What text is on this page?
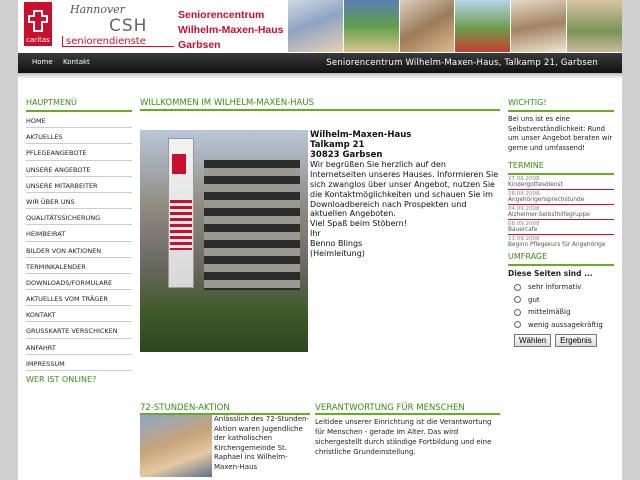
caritas
Hannover
CSH
seniorendienste
Seniorencentrum
Wilhelm-Maxen-Haus
Garbsen
Home Kontakt	Seniorencentrum Wilhelm-Maxen-Haus, Talkamp 21, Garbsen
HAUPTMENÜ
HOME
AKTUELLES
PFLEGEANGEBOTE
UNSERE ANGEBOTE
UNSERE MITARBEITER
WIR ÜBER UNS
QUALITÄTSSICHERUNG
HEIMBEIRAT
BILDER VON AKTIONEN
TERMINKALENDER
DOWNLOADS/FORMULARE
AKTUELLES VOM TRÄGER
KONTAKT
GRUSSKARTE VERSCHICKEN
ANFAHRT
IMPRESSUM
WER IST ONLINE?
WILLKOMMEN IM WILHELM-MAXEN-HAUS
Wilhelm-Maxen-Haus
Talkamp 21
30823 Garbsen
Wir begrüßen Sie herzlich auf den Internetseiten unseres Hauses. Informieren Sie sich zwanglos über unser Angebot, nutzen Sie die Kontaktmöglichkeiten und schauen Sie im Downloadbereich nach Prospekten und aktuellen Angeboten.
Viel Spaß beim Stöbern!
Ihr
Benno Blings
(Heimleitung)
72-STUNDEN-AKTION
Anlässlich des 72-Stunden-Aktion waren Jugendliche der katholischen Kirchengemeinde St. Raphael ins Wilhelm-Maxen-Haus
VERANTWORTUNG FÜR MENSCHEN
Leitidee unserer Einrichtung ist die Verantwortung für Menschen - gerade im Alter. Das wird sichergestellt durch ständige Fortbildung und eine christliche Grundeinstellung.
WICHTIG!
Bei uns ist es eine Selbstverständlichkeit: Rund um unser Angebot beraten wir gerne und umfassend!
TERMINE
27.08.2008
Kindergottesdienst
28.08.2008
Angehörigensprechstunde
04.09.2008
Alzheimer-Selbsthilfegruppe
08.09.2008
Bauercafe
11.09.2008
Beginn Pflegekurs für Angehörige
UMFRAGE
Diese Seiten sind ...
sehr informativ
gut
mittelmäßig
wenig aussagekräftig
Wählen	Ergebnis
